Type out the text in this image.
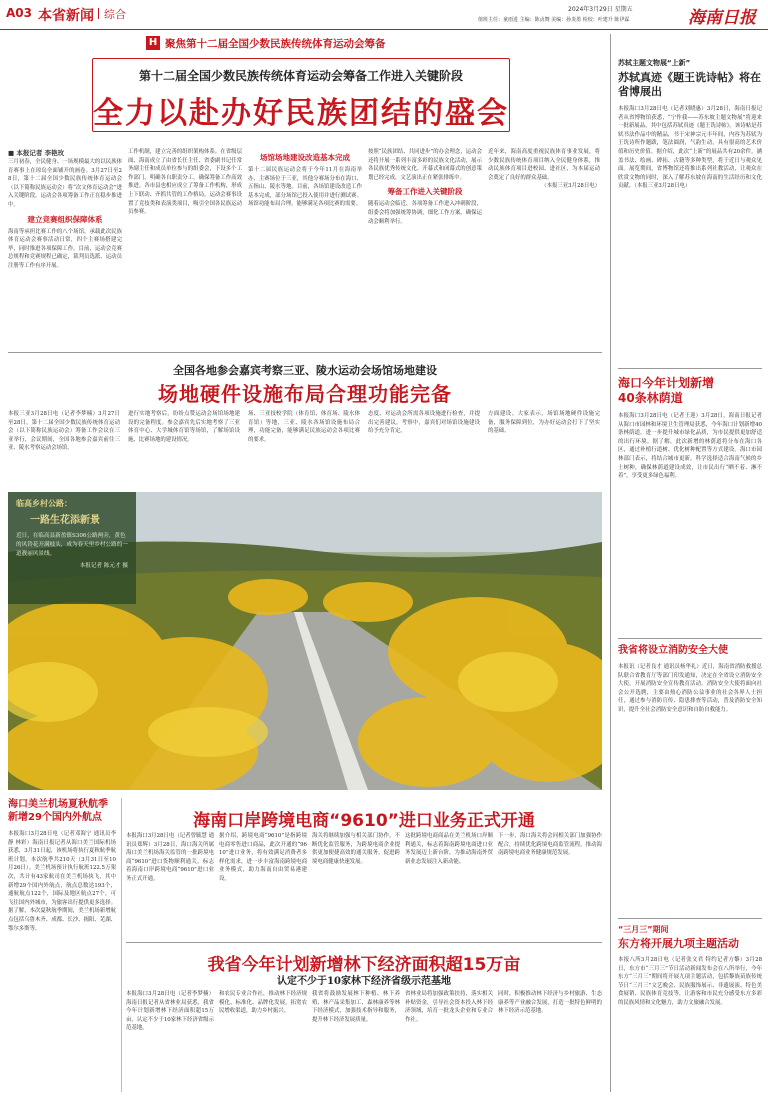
A03 本省新闻 综合	2024年3月29日 星期五
值班主任：童雨进 主编：陈贞舞 美编：孙炎墨 检校：叶建升 陈伊霖	海南日报
H 聚焦第十二届全国少数民族传统体育运动会筹备
第十二届全国少数民族传统体育运动会筹备工作进入关键阶段
全力以赴办好民族团结的盛会
■ 本报记者 李艳玫

三月初春，全民健身、一场规模最大的以民族体育赛事上在琼岛全面铺开的画卷。3月27日至28日，第十二届全国少数民族传统体育运动会（以下简称民族运动会）将“次文体育运动会”进入关键阶段，运动会各项筹备工作正在稳步推进中。

建立竞赛组织保障体系

海南等承担比赛工作的八个场馆，承载此次民族体育运动会赛事活动日常，四个主赛场搭建完毕，同时推进各项保障工作。目前，运动会竞赛总规程和竞赛规程已确定，裁判员选派、运动员注册等工作有序开展。

工作机制，建立完善的组织架构体系。在省级层面，海南成立了由省长任主任、省委副书记任常务副主任和成员单位参与的组委会，下设多个工作部门，明确各自职责分工，确保筹备工作高效推进。各市县也相应成立了筹备工作机构，形成上下联动、齐抓共管的工作格局。运动会赛事设置了竞技类和表演类项目，吸引全国各民族运动员参赛。

场馆场地建设改造基本完成

第十二届民族运动会将于今年11月在海南举办，主赛场位于三亚，其他分赛场分布在海口、五指山、陵水等地。目前，各场馆建设改造工作基本完成，部分场馆已投入使用并进行测试赛。场馆功能布局合理，能够满足各项比赛的需要。

按照“民族团结、共同进步”的办会理念，运动会还将开展一系列丰富多彩的民族文化活动，展示各民族优秀传统文化。开幕式和闭幕式的创意策划已经完成，文艺演出正在紧张排练中。

筹备工作进入关键阶段

随着运动会临近，各项筹备工作进入冲刺阶段，组委会将加强统筹协调，细化工作方案，确保运动会顺利举行。

近年来，海南高度重视民族体育事业发展，将少数民族传统体育项目纳入全民健身体系，推动民族体育项目进校园、进社区，为本届运动会奠定了良好的群众基础。

（本报三亚3月28日电）

全国各地参会嘉宾考察三亚、陵水运动会场馆场地建设
场地硬件设施布局合理功能完备

本报三亚3月28日电（记者李梦楠）3月27日至28日，第十二届全国少数民族传统体育运动会（以下简称民族运动会）筹备工作会议在三亚举行，会议期间，全国各地参会嘉宾前往三亚、陵水考察运动会场馆。

进行实地考察后，纷纷点赞运动会场馆场地建设的完备程度。参会嘉宾先后实地考察了三亚体育中心、大学城体育馆等场馆，了解场馆设施、比赛场地的建设情况。

场、三亚技校学院（体育馆、体育场、陵水体育馆）等地，三亚、陵水各场馆设施布局合理，功能完备，能够满足民族运动会各项比赛的要求。

态度，对运动会所需各项设施进行检查，并提出完善建议。考察中，嘉宾们对场馆设施建设给予充分肯定。

方面建设。大家表示，场馆场地硬件设施完备，服务保障到位，为办好运动会打下了坚实的基础。

临高乡村公路：
一路生花添新景
近日，在临高县新盈镇S306公路两旁，黄色的风铃花开满枝头，成为春天里乡村公路的一道靓丽风景线。
本报记者 陈元才 摄
海口美兰机场夏秋航季新增29个国内外航点

本报海口3月28日电（记者邓海宁 通讯员李静 林彩）海南日报记者从海口美兰国际机场获悉，3月31日起，该机场将执行夏秋航季航班计划，本次航季共210天（3月31日至10月26日）。美兰机场预计执行航班122.5万架次，共计有43家航司在美兰机场执飞，其中新增29个国内外航点，航点总数达193个，通航航点122个，国际及地区航点27个，可飞往国内外城市，为旅客出行提供更多选择。据了解，本次夏秋航季期间，美兰机场新增航点包括乌鲁木齐、成都、长沙、揭阳、芜湖、鄂尔多斯等。

海南口岸跨境电商“9610”进口业务正式开通

本报海口3月28日电（记者曾毓慧 通讯员郑辉）3月28日，海口海关所属海口美兰机场海关监管的一批跨境电商“9610”进口货物顺利通关，标志着海南口岸跨境电商“9610”进口业务正式开通。

据介绍，跨境电商“9610”是指跨境电商零售进口商品，此次开通的“9610”进口业务，将有效满足消费者多样化需求，进一步丰富海南跨境电商业务模式，助力海南自由贸易港建设。

海关将继续加强与相关部门协作，不断优化监管服务，为跨境电商企业提供更加便捷高效的通关服务，促进跨境电商健康快速发展。

这批跨境电商商品在美兰机场口岸顺利通关，标志着海南跨境电商进口业务发展迈上新台阶，为推动海南外贸新业态发展注入新动能。

下一步，海口海关将会同相关部门加强协作配合，持续优化跨境电商监管流程，推动海南跨境电商业务健康规范发展。

我省今年计划新增林下经济面积超15万亩
认定不少于10家林下经济省级示范基地

本报海口3月28日电（记者李梦楠）海南日报记者从省林业局获悉，我省今年计划新增林下经济面积超15万亩，认定不少于10家林下经济省级示范基地。

和农民专业合作社，推动林下经济规模化、标准化、品牌化发展，拓宽农民增收渠道，助力乡村振兴。

我省将鼓励发展林下种植、林下养殖、林产品采集加工、森林康养等林下经济模式，加强技术指导和服务，提升林下经济发展质量。

省林业局将加强政策扶持，落实相关补贴资金，引导社会资本投入林下经济领域，培育一批龙头企业和专业合作社。

同时，积极推动林下经济与乡村旅游、生态康养等产业融合发展，打造一批特色鲜明的林下经济示范基地。

苏轼主题文物展“上新”
苏轼真迹《题王诜诗帖》将在省博展出

本报海口3月28日电（记者刘晓惠）3月28日，海南日报记者从省博物馆获悉，“宁作我——苏东坡主题文物展”将迎来一批新展品，其中包括苏轼真迹《题王诜诗帖》。该诗帖是苏轼书法作品中的精品，书于宋神宗元丰年间，内容为苏轼为王诜诗所作题跋，笔法圆润，气韵生动，具有很高的艺术价值和历史价值。据介绍，此次“上新”的展品共有20余件，涵盖书法、绘画、碑拓、古籍等多种类型，将于近日与观众见面。展览期间，省博物馆还将推出系列社教活动，让观众在欣赏文物的同时，深入了解苏东坡在海南的生活经历和文化贡献。（本报三亚3月28日电）

海口今年计划新增40条林荫道

本报海口3月28日电（记者王迎）3月28日，海南日报记者从海口市园林和环境卫生管理局获悉，今年海口计划新增40条林荫道，进一步提升城市绿化品质，为市民提供更加舒适的出行环境。据了解，此次新增的林荫道将分布在海口各区，通过补植行道树、优化树种配置等方式建设。海口市园林部门表示，将结合城市更新，科学选择适合海南气候的乡土树种，确保林荫道建设成效，让市民出行“晒不着、淋不着”，享受更多绿色福利。

我省将设立消防安全大使

本报讯（记者良才 通讯员杨华礼）近日，海南省消防救援总队联合省教育厅等部门印发通知，决定在全省设立消防安全大使，开展消防安全宣传教育活动。消防安全大使将面向社会公开选聘，主要由热心消防公益事业的社会各界人士担任，通过参与消防宣传、隐患排查等活动，普及消防安全知识，提升全社会消防安全意识和自防自救能力。

“三月三”期间
东方将开展九项主题活动

本报八所3月28日电（记者张文君 特约记者方黎）3月28日，东方市“三月三”节日活动新闻发布会在八所举行，今年东方“三月三”期间将开展九项主题活动，包括黎族苗族传统节日“三月三”文艺晚会、民族服饰展示、非遗展演、特色美食展销、民族体育竞技等，让游客和市民充分感受东方多彩的民族风情和文化魅力，助力文旅融合发展。
